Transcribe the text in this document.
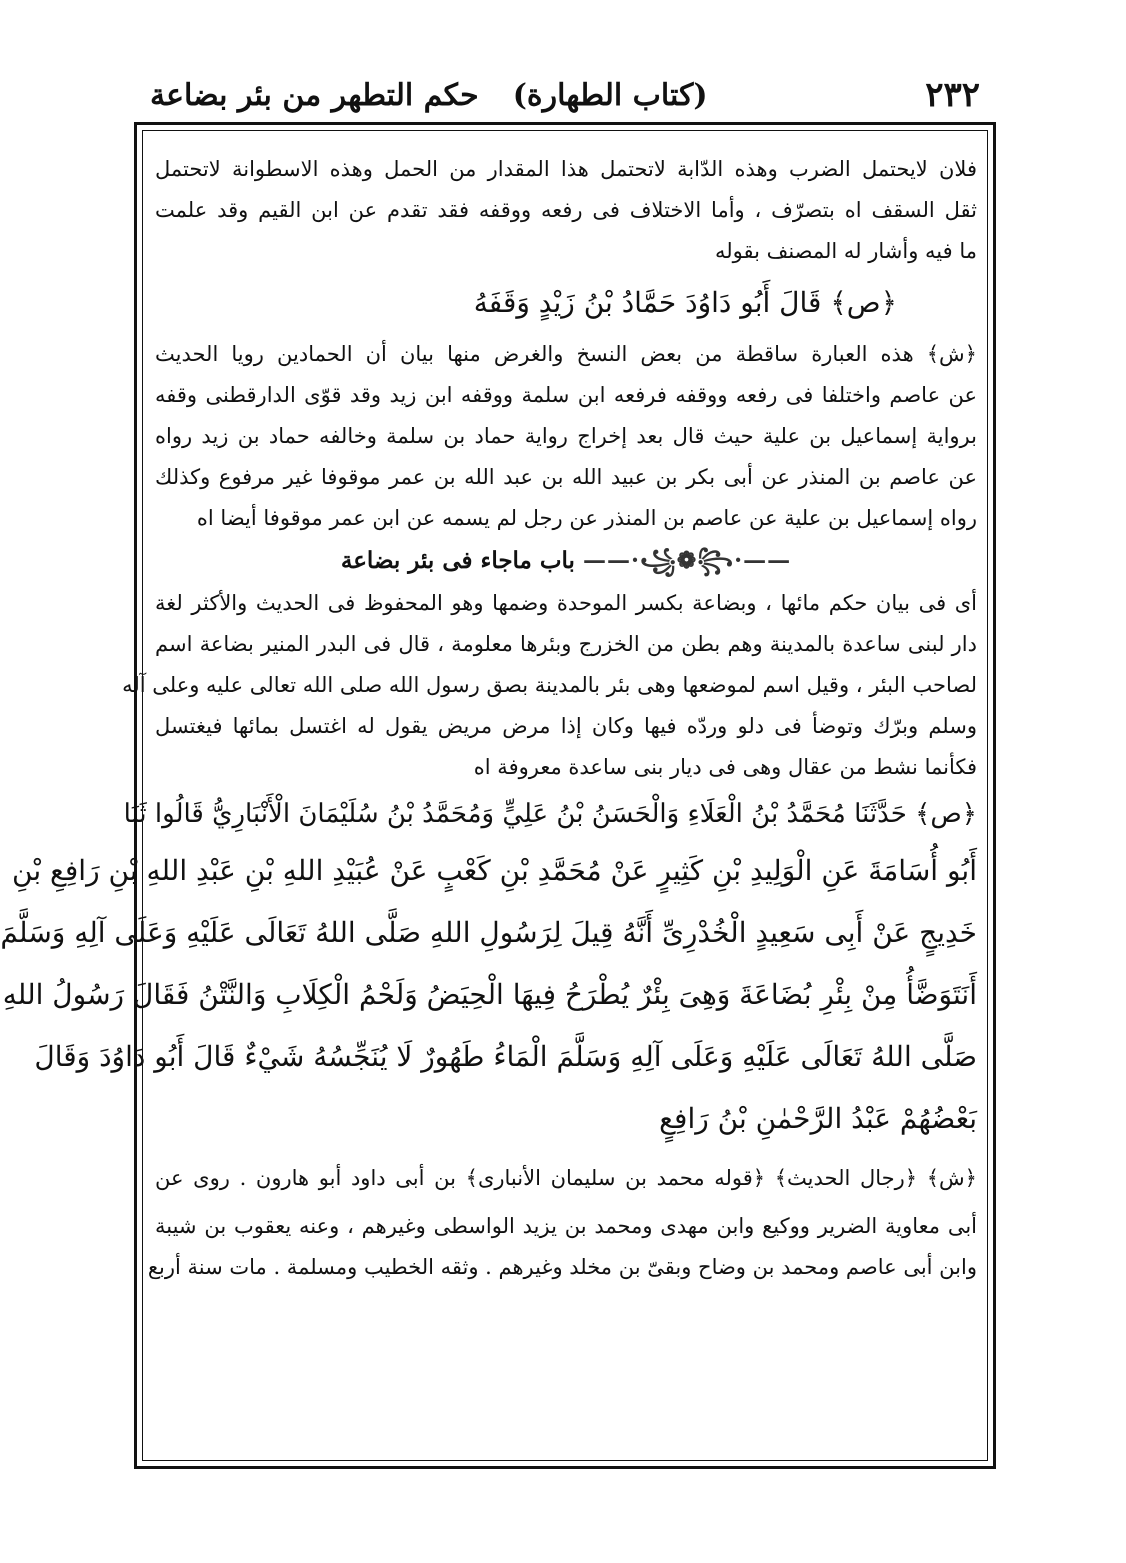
٢٣٢
(كتاب الطهارة)
حكم التطهر من بئر بضاعة
فلان لايحتمل الضرب وهذه الدّابة لاتحتمل هذا المقدار من الحمل وهذه الاسطوانة لاتحتمل
ثقل السقف اه بتصرّف ، وأما الاختلاف فى رفعه ووقفه فقد تقدم عن ابن القيم وقد علمت
ما فيه وأشار له المصنف بقوله
﴿ص﴾ قَالَ أَبُو دَاوُدَ حَمَّادُ بْنُ زَيْدٍ وَقَفَهُ
﴿ش﴾ هذه العبارة ساقطة من بعض النسخ والغرض منها بيان أن الحمادين رويا الحديث
عن عاصم واختلفا فى رفعه ووقفه فرفعه ابن سلمة ووقفه ابن زيد وقد قوّى الدارقطنى وقفه
برواية إسماعيل بن علية حيث قال بعد إخراج رواية حماد بن سلمة وخالفه حماد بن زيد رواه
عن عاصم بن المنذر عن أبى بكر بن عبيد الله بن عبد الله بن عمر موقوفا غير مرفوع وكذلك
رواه إسماعيل بن علية عن عاصم بن المنذر عن رجل لم يسمه عن ابن عمر موقوفا أيضا اه
——·꧁❁꧂·—— باب ماجاء فى بئر بضاعة
أى فى بيان حكم مائها ، وبضاعة بكسر الموحدة وضمها وهو المحفوظ فى الحديث والأكثر لغة
دار لبنى ساعدة بالمدينة وهم بطن من الخزرج وبئرها معلومة ، قال فى البدر المنير بضاعة اسم
لصاحب البئر ، وقيل اسم لموضعها وهى بئر بالمدينة بصق رسول الله صلى الله تعالى عليه وعلى آله
وسلم وبرّك وتوضأ فى دلو وردّه فيها وكان إذا مرض مريض يقول له اغتسل بمائها فيغتسل
فكأنما نشط من عقال وهى فى ديار بنى ساعدة معروفة اه
﴿ص﴾ حَدَّثَنَا مُحَمَّدُ بْنُ الْعَلَاءِ وَالْحَسَنُ بْنُ عَلِيٍّ وَمُحَمَّدُ بْنُ سُلَيْمَانَ الْأَنْبَارِيُّ قَالُوا ثَنَا
أَبُو أُسَامَةَ عَنِ الْوَلِيدِ بْنِ كَثِيرٍ عَنْ مُحَمَّدِ بْنِ كَعْبٍ عَنْ عُبَيْدِ اللهِ بْنِ عَبْدِ اللهِ بْنِ رَافِعِ بْنِ
خَدِيجٍ عَنْ أَبِى سَعِيدٍ الْخُدْرِىِّ أَنَّهُ قِيلَ لِرَسُولِ اللهِ صَلَّى اللهُ تَعَالَى عَلَيْهِ وَعَلَى آلِهِ وَسَلَّمَ
أَنَتَوَضَّأُ مِنْ بِئْرِ بُضَاعَةَ وَهِىَ بِئْرٌ يُطْرَحُ فِيهَا الْحِيَضُ وَلَحْمُ الْكِلَابِ وَالنَّتْنُ فَقَالَ رَسُولُ اللهِ
صَلَّى اللهُ تَعَالَى عَلَيْهِ وَعَلَى آلِهِ وَسَلَّمَ الْمَاءُ طَهُورٌ لَا يُنَجِّسُهُ شَيْءٌ قَالَ أَبُو دَاوُدَ وَقَالَ
بَعْضُهُمْ عَبْدُ الرَّحْمٰنِ بْنُ رَافِعٍ
﴿ش﴾ ﴿رجال الحديث﴾ ﴿قوله محمد بن سليمان الأنبارى﴾ بن أبى داود أبو هارون . روى عن
أبى معاوية الضرير ووكيع وابن مهدى ومحمد بن يزيد الواسطى وغيرهم ، وعنه يعقوب بن شيبة
وابن أبى عاصم ومحمد بن وضاح وبقىّ بن مخلد وغيرهم . وثقه الخطيب ومسلمة . مات سنة أربع
